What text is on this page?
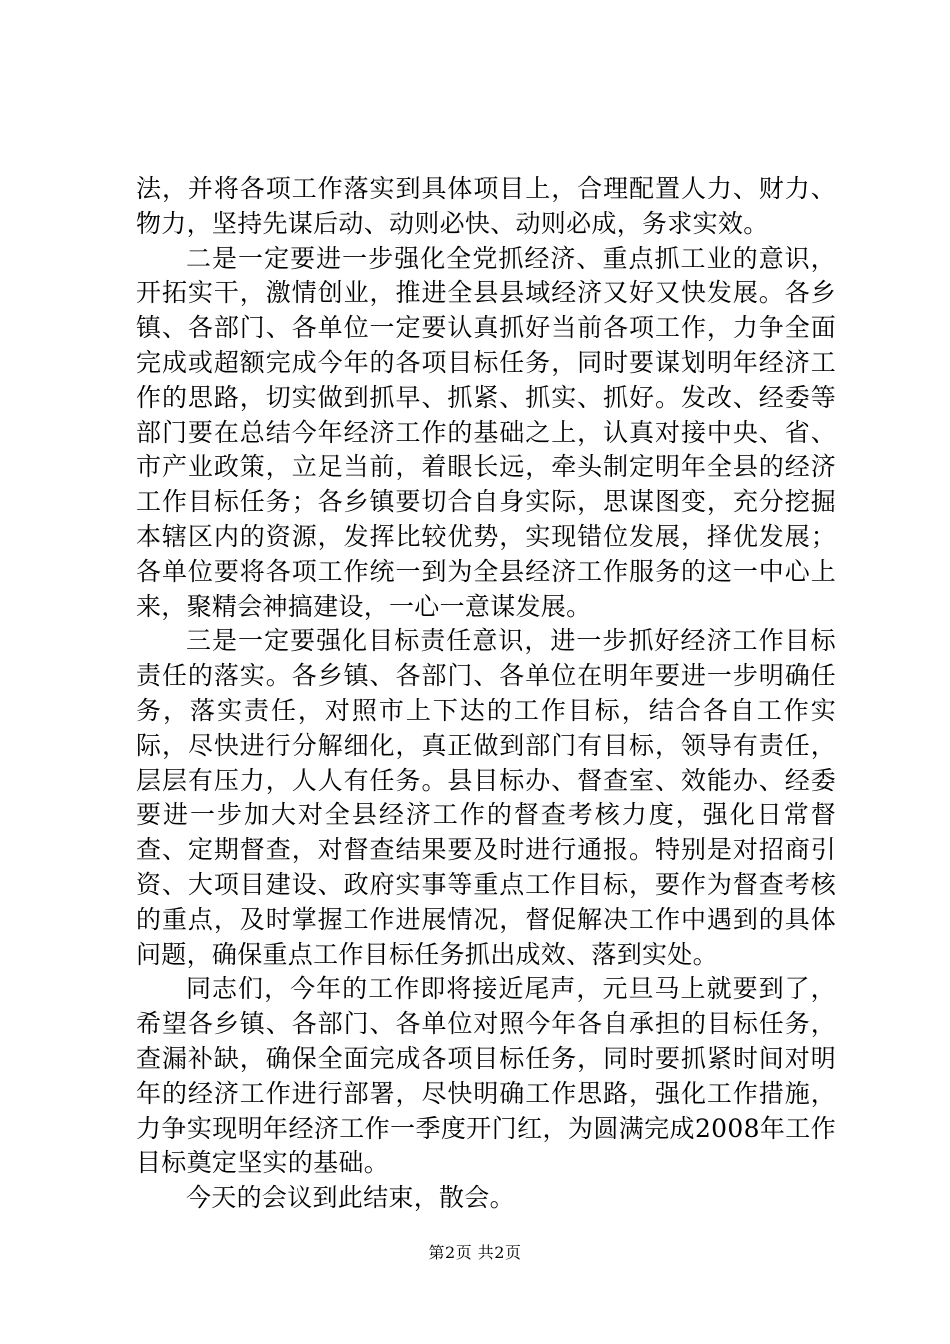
法，并将各项工作落实到具体项目上，合理配置人力、财力、物力，坚持先谋后动、动则必快、动则必成，务求实效。

二是一定要进一步强化全党抓经济、重点抓工业的意识，开拓实干，激情创业，推进全县县域经济又好又快发展。各乡镇、各部门、各单位一定要认真抓好当前各项工作，力争全面完成或超额完成今年的各项目标任务，同时要谋划明年经济工作的思路，切实做到抓早、抓紧、抓实、抓好。发改、经委等部门要在总结今年经济工作的基础之上，认真对接中央、省、市产业政策，立足当前，着眼长远，牵头制定明年全县的经济工作目标任务；各乡镇要切合自身实际，思谋图变，充分挖掘本辖区内的资源，发挥比较优势，实现错位发展，择优发展；各单位要将各项工作统一到为全县经济工作服务的这一中心上来，聚精会神搞建设，一心一意谋发展。

三是一定要强化目标责任意识，进一步抓好经济工作目标责任的落实。各乡镇、各部门、各单位在明年要进一步明确任务，落实责任，对照市上下达的工作目标，结合各自工作实际，尽快进行分解细化，真正做到部门有目标，领导有责任，层层有压力，人人有任务。县目标办、督查室、效能办、经委要进一步加大对全县经济工作的督查考核力度，强化日常督查、定期督查，对督查结果要及时进行通报。特别是对招商引资、大项目建设、政府实事等重点工作目标，要作为督查考核的重点，及时掌握工作进展情况，督促解决工作中遇到的具体问题，确保重点工作目标任务抓出成效、落到实处。

同志们，今年的工作即将接近尾声，元旦马上就要到了，希望各乡镇、各部门、各单位对照今年各自承担的目标任务，查漏补缺，确保全面完成各项目标任务，同时要抓紧时间对明年的经济工作进行部署，尽快明确工作思路，强化工作措施，力争实现明年经济工作一季度开门红，为圆满完成2008年工作目标奠定坚实的基础。

今天的会议到此结束，散会。

第2页 共2页
